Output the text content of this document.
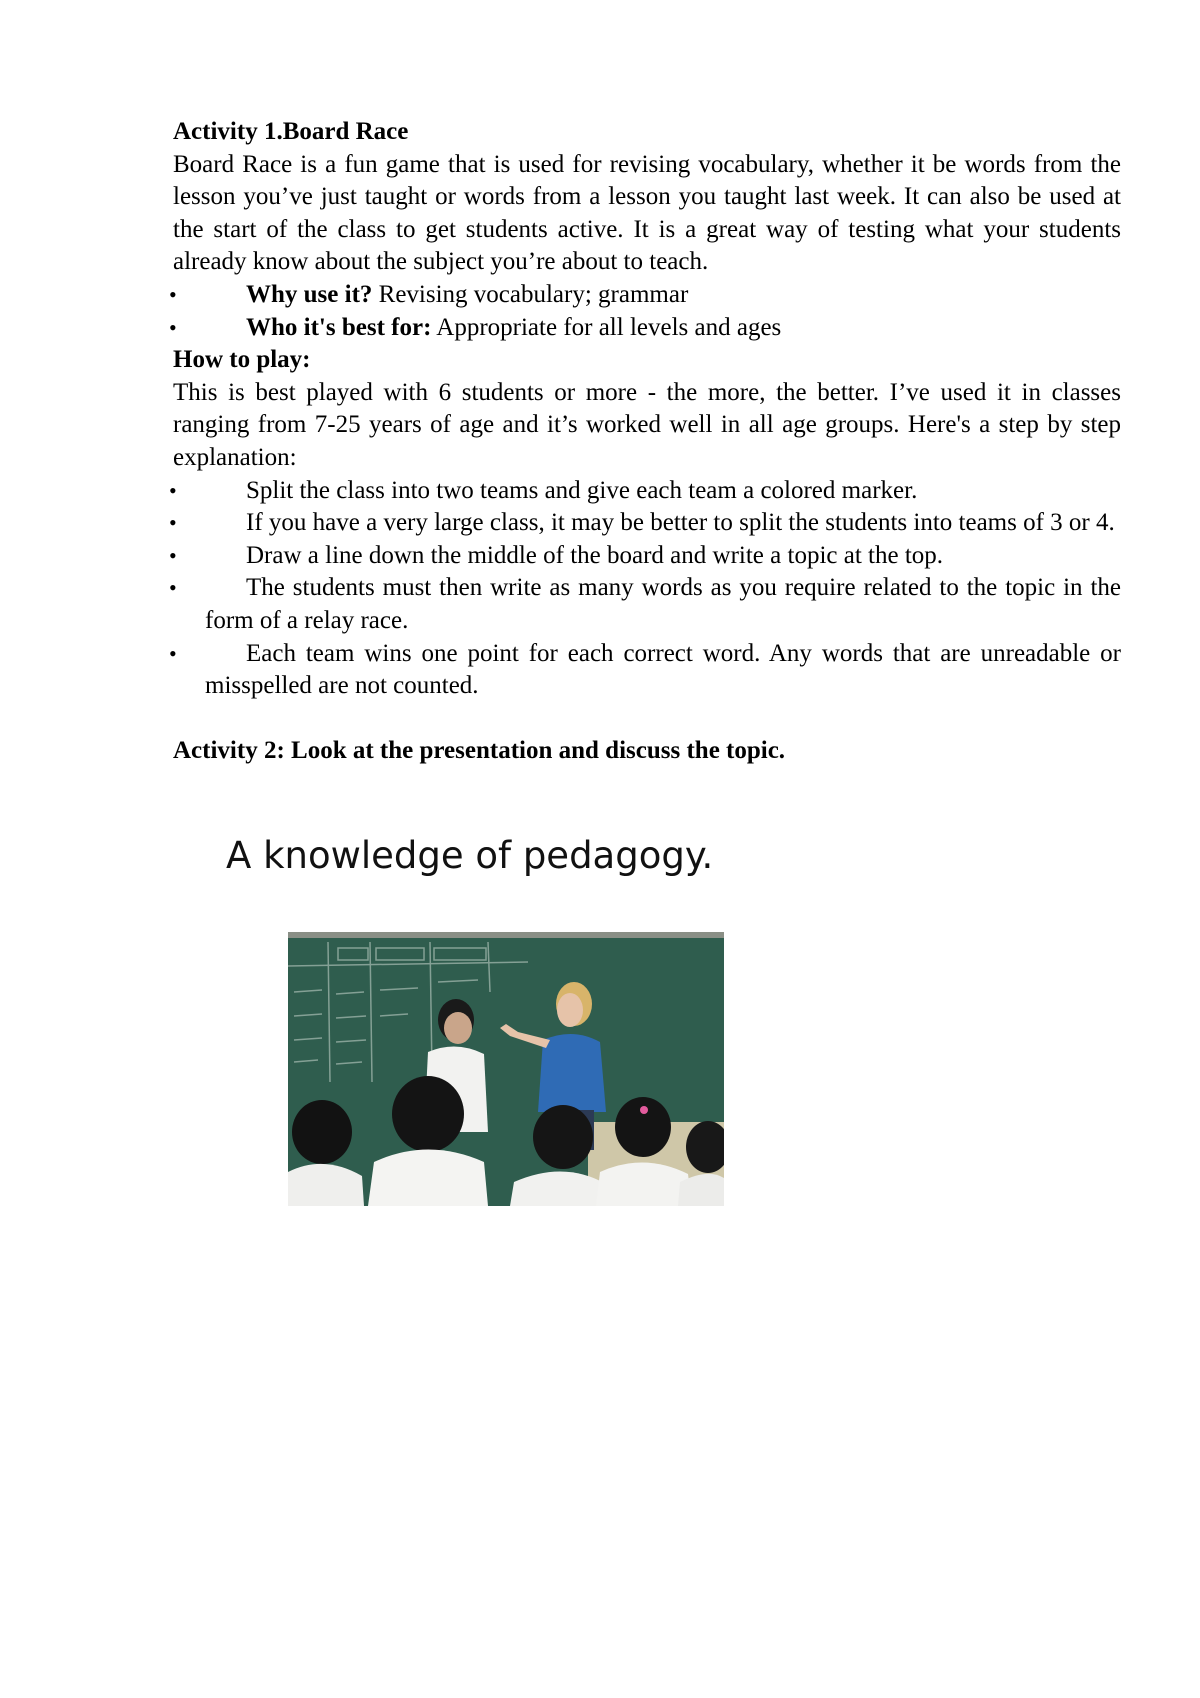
Activity 1.Board Race

Board Race is a fun game that is used for revising vocabulary, whether it be words from the lesson you’ve just taught or words from a lesson you taught last week. It can also be used at the start of the class to get students active. It is a great way of testing what your students already know about the subject you’re about to teach.

•	Why use it? Revising vocabulary; grammar
•	Who it's best for: Appropriate for all levels and ages

How to play:

This is best played with 6 students or more - the more, the better. I’ve used it in classes ranging from 7-25 years of age and it’s worked well in all age groups. Here's a step by step explanation:

•	Split the class into two teams and give each team a colored marker.
•	If you have a very large class, it may be better to split the students into teams of 3 or 4.
•	Draw a line down the middle of the board and write a topic at the top.
•	The students must then write as many words as you require related to the topic in the form of a relay race.
•	Each team wins one point for each correct word. Any words that are unreadable or misspelled are not counted.

Activity 2: Look at the presentation and discuss the topic.

A knowledge of pedagogy.
